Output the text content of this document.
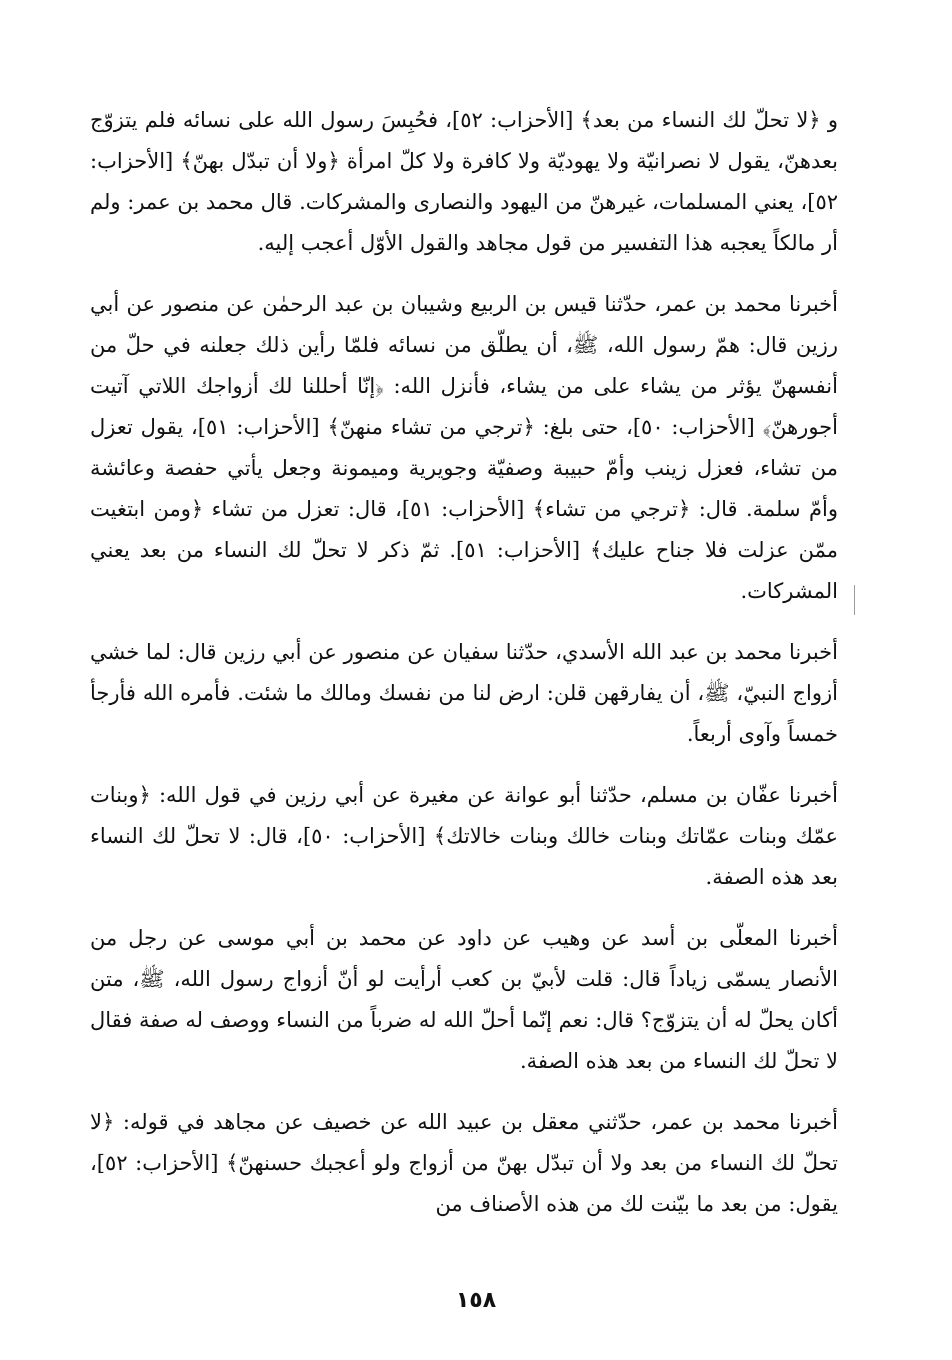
و ﴿لا تحلّ لك النساء من بعد﴾ [الأحزاب: ٥٢]، فحُبِسَ رسول الله على نسائه فلم يتزوّج بعدهنّ، يقول لا نصرانيّة ولا يهوديّة ولا كافرة ولا كلّ امرأة ﴿ولا أن تبدّل بهنّ﴾ [الأحزاب: ٥٢]، يعني المسلمات، غيرهنّ من اليهود والنصارى والمشركات. قال محمد بن عمر: ولم أر مالكاً يعجبه هذا التفسير من قول مجاهد والقول الأوّل أعجب إليه.

أخبرنا محمد بن عمر، حدّثنا قيس بن الربيع وشيبان بن عبد الرحمٰن عن منصور عن أبي رزين قال: همّ رسول الله، ﷺ، أن يطلّق من نسائه فلمّا رأين ذلك جعلنه في حلّ من أنفسهنّ يؤثر من يشاء على من يشاء، فأنزل الله: ﴿إنّا أحللنا لك أزواجك اللاتي آتيت أجورهنّ﴾ [الأحزاب: ٥٠]، حتى بلغ: ﴿ترجي من تشاء منهنّ﴾ [الأحزاب: ٥١]، يقول تعزل من تشاء، فعزل زينب وأمّ حبيبة وصفيّة وجويرية وميمونة وجعل يأتي حفصة وعائشة وأمّ سلمة. قال: ﴿ترجي من تشاء﴾ [الأحزاب: ٥١]، قال: تعزل من تشاء ﴿ومن ابتغيت ممّن عزلت فلا جناح عليك﴾ [الأحزاب: ٥١]. ثمّ ذكر لا تحلّ لك النساء من بعد يعني المشركات.

أخبرنا محمد بن عبد الله الأسدي، حدّثنا سفيان عن منصور عن أبي رزين قال: لما خشي أزواج النبيّ، ﷺ، أن يفارقهن قلن: ارض لنا من نفسك ومالك ما شئت. فأمره الله فأرجأ خمساً وآوى أربعاً.

أخبرنا عفّان بن مسلم، حدّثنا أبو عوانة عن مغيرة عن أبي رزين في قول الله: ﴿وبنات عمّك وبنات عمّاتك وبنات خالك وبنات خالاتك﴾ [الأحزاب: ٥٠]، قال: لا تحلّ لك النساء بعد هذه الصفة.

أخبرنا المعلّى بن أسد عن وهيب عن داود عن محمد بن أبي موسى عن رجل من الأنصار يسمّى زياداً قال: قلت لأبيّ بن كعب أرأيت لو أنّ أزواج رسول الله، ﷺ، متن أكان يحلّ له أن يتزوّج؟ قال: نعم إنّما أحلّ الله له ضرباً من النساء ووصف له صفة فقال لا تحلّ لك النساء من بعد هذه الصفة.

أخبرنا محمد بن عمر، حدّثني معقل بن عبيد الله عن خصيف عن مجاهد في قوله: ﴿لا تحلّ لك النساء من بعد ولا أن تبدّل بهنّ من أزواج ولو أعجبك حسنهنّ﴾ [الأحزاب: ٥٢]، يقول: من بعد ما بيّنت لك من هذه الأصناف من

١٥٨
